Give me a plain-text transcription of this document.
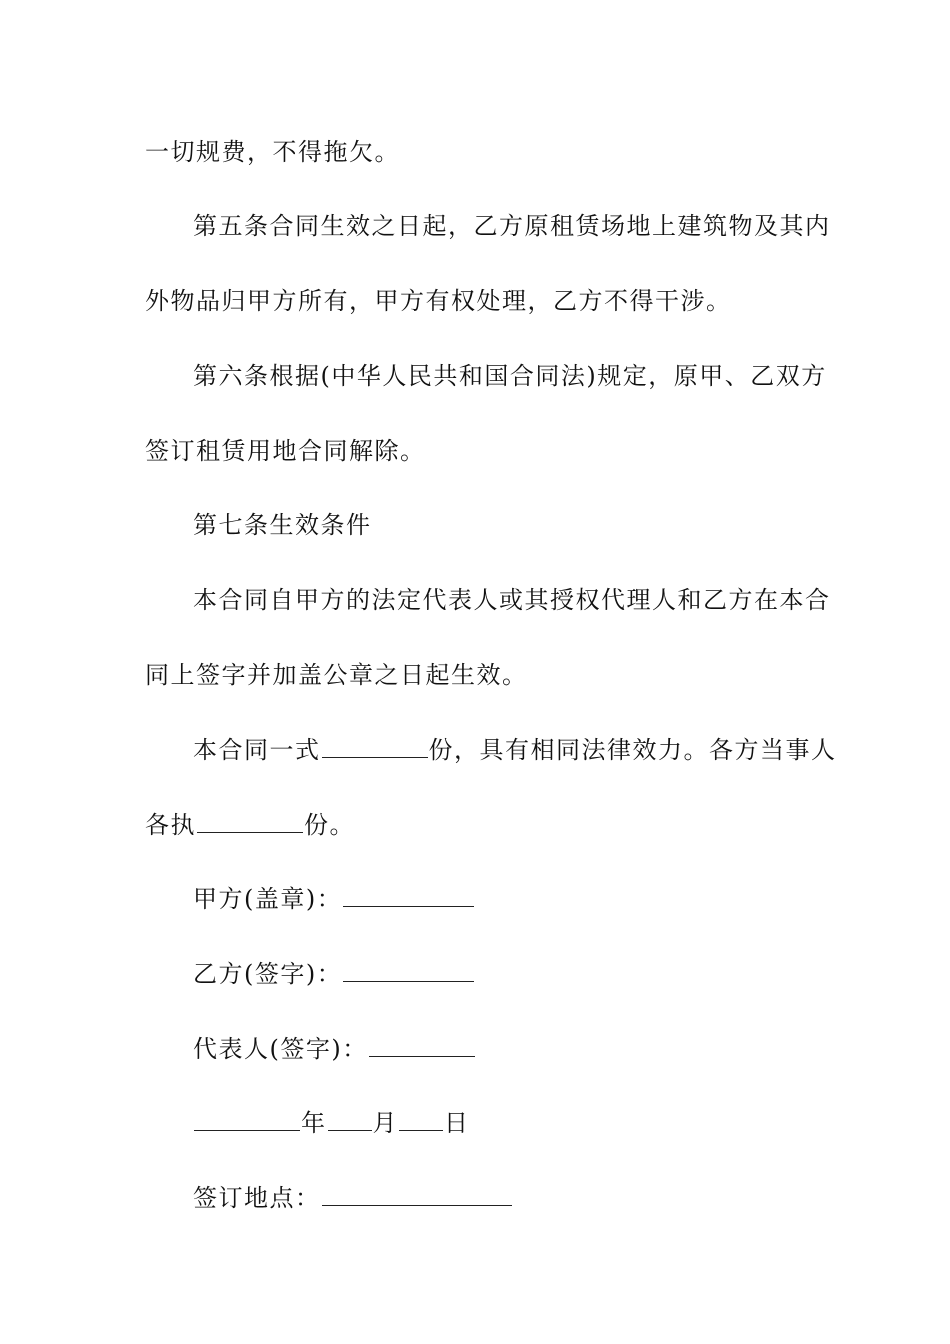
一切规费，不得拖欠。
第五条合同生效之日起，乙方原租赁场地上建筑物及其内
外物品归甲方所有，甲方有权处理，乙方不得干涉。
第六条根据(中华人民共和国合同法)规定，原甲、乙双方
签订租赁用地合同解除。
第七条生效条件
本合同自甲方的法定代表人或其授权代理人和乙方在本合
同上签字并加盖公章之日起生效。
本合同一式	份，具有相同法律效力。各方当事人
各执	份。
甲方(盖章)：
乙方(签字)：
代表人(签字)：
年 月 日
签订地点：
